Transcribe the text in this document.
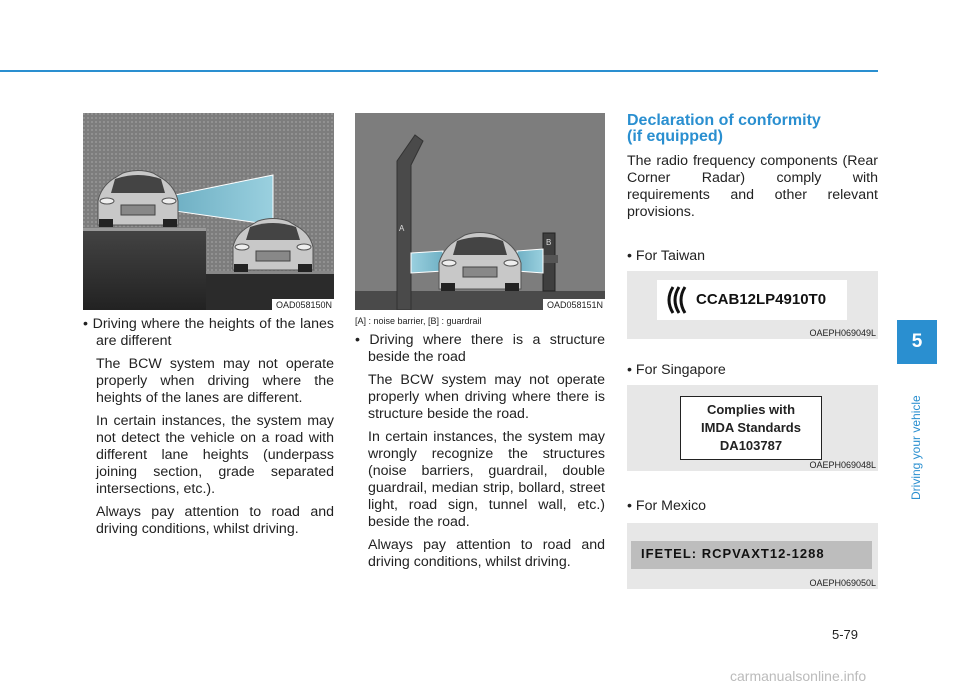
OAD058150N

• Driving where the heights of the lanes are different

The BCW system may not operate properly when driving where the heights of the lanes are different.

In certain instances, the system may not detect the vehicle on a road with different lane heights (underpass joining section, grade separated intersections, etc.).

Always pay attention to road and driving conditions, whilst driving.

A
B
OAD058151N

[A] : noise barrier, [B] : guardrail

• Driving where there is a structure beside the road

The BCW system may not operate properly when driving where there is structure beside the road.

In certain instances, the system may wrongly recognize the structures (noise barriers, guardrail, double guardrail, median strip, bollard, street light, road sign, tunnel wall, etc.) beside the road.

Always pay attention to road and driving conditions, whilst driving.

Declaration of conformity

(if equipped)

The radio frequency components (Rear Corner Radar) comply with requirements and other relevant provisions.

• For Taiwan

CCAB12LP4910T0
OAEPH069049L

• For Singapore

Complies with
IMDA Standards
DA103787
OAEPH069048L

• For Mexico

IFETEL: RCPVAXT12-1288
OAEPH069050L
5
Driving your vehicle
5-79
carmanualsonline.info
